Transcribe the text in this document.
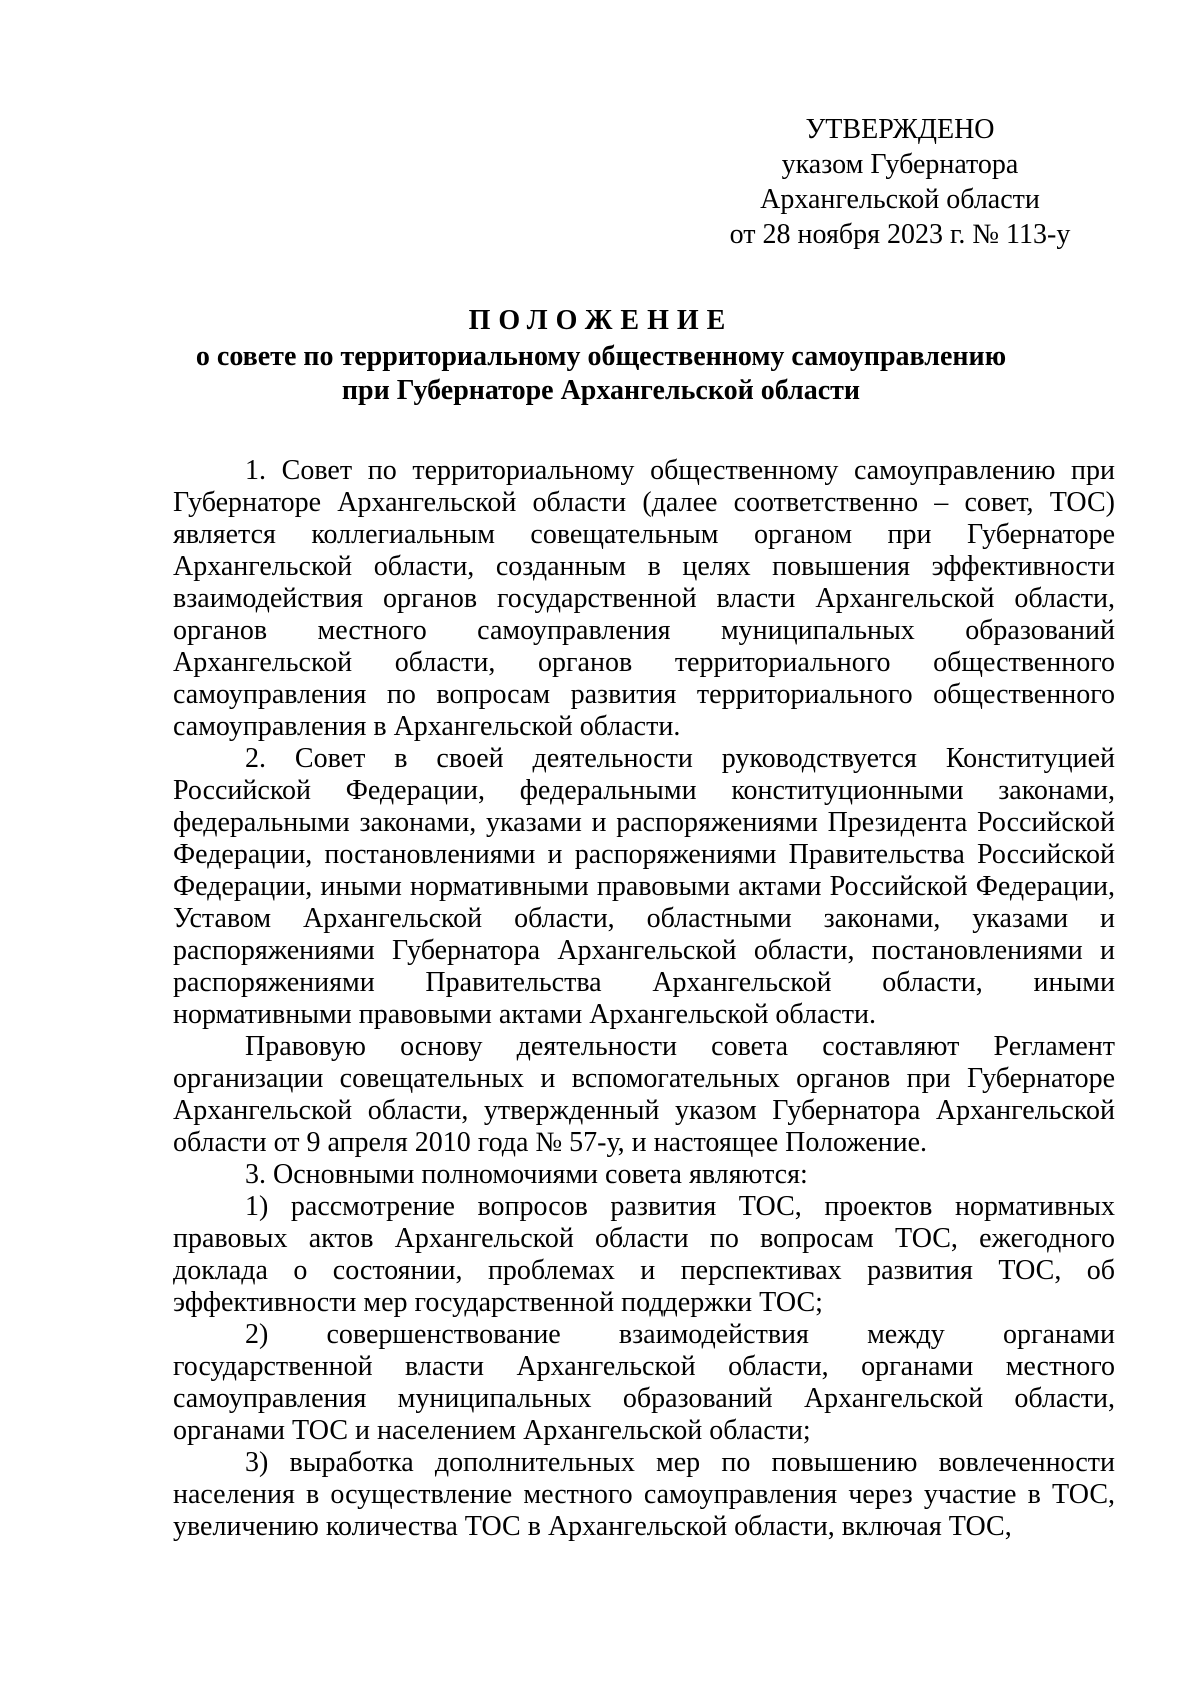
УТВЕРЖДЕНО
указом Губернатора
Архангельской области
от 28 ноября 2023 г. № 113-у
ПОЛОЖЕНИЕ
о совете по территориальному общественному самоуправлению
при Губернаторе Архангельской области

1. Совет по территориальному общественному самоуправлению при Губернаторе Архангельской области (далее соответственно – совет, ТОС) является коллегиальным совещательным органом при Губернаторе Архангельской области, созданным в целях повышения эффективности взаимодействия органов государственной власти Архангельской области, органов местного самоуправления муниципальных образований Архангельской области, органов территориального общественного самоуправления по вопросам развития территориального общественного самоуправления в Архангельской области.

2. Совет в своей деятельности руководствуется Конституцией Российской Федерации, федеральными конституционными законами, федеральными законами, указами и распоряжениями Президента Российской Федерации, постановлениями и распоряжениями Правительства Российской Федерации, иными нормативными правовыми актами Российской Федерации, Уставом Архангельской области, областными законами, указами и распоряжениями Губернатора Архангельской области, постановлениями и распоряжениями Правительства Архангельской области, иными нормативными правовыми актами Архангельской области.

Правовую основу деятельности совета составляют Регламент организации совещательных и вспомогательных органов при Губернаторе Архангельской области, утвержденный указом Губернатора Архангельской области от 9 апреля 2010 года № 57-у, и настоящее Положение.

3. Основными полномочиями совета являются:

1) рассмотрение вопросов развития ТОС, проектов нормативных правовых актов Архангельской области по вопросам ТОС, ежегодного доклада о состоянии, проблемах и перспективах развития ТОС, об эффективности мер государственной поддержки ТОС;

2) совершенствование взаимодействия между органами государственной власти Архангельской области, органами местного самоуправления муниципальных образований Архангельской области, органами ТОС и населением Архангельской области;

3) выработка дополнительных мер по повышению вовлеченности населения в осуществление местного самоуправления через участие в ТОС, увеличению количества ТОС в Архангельской области, включая ТОС,
